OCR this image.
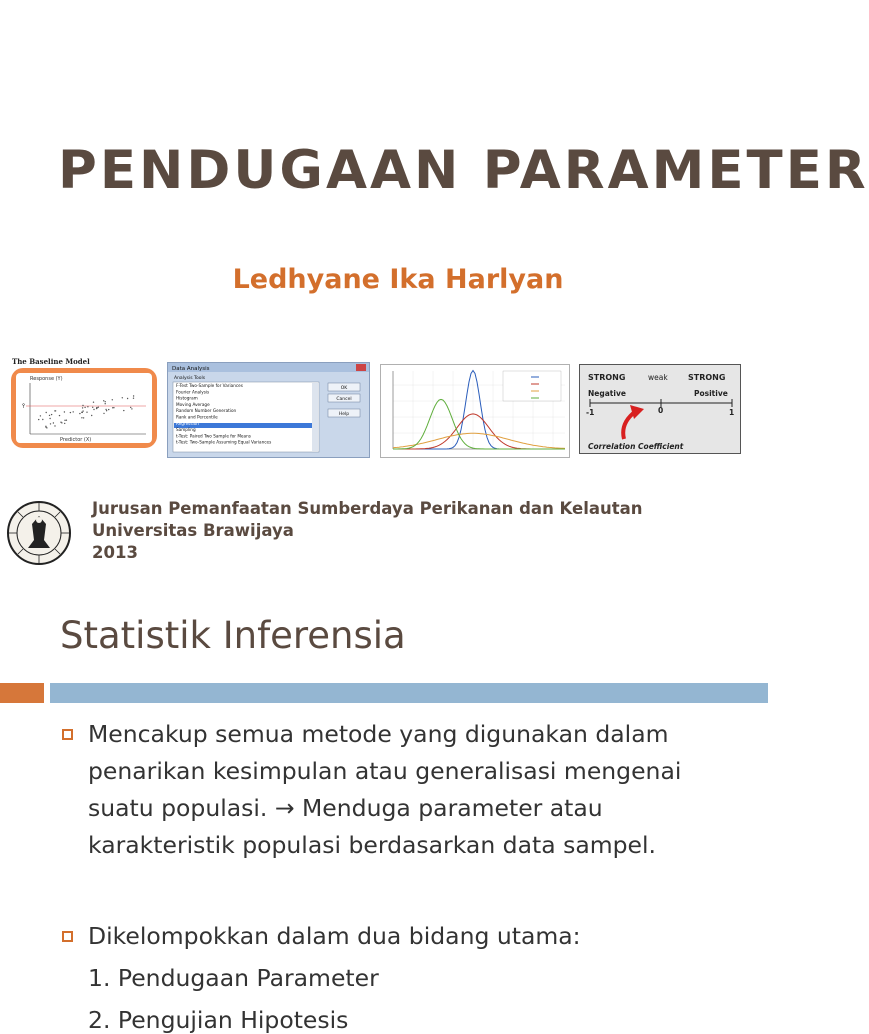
PENDUGAAN PARAMETER
Ledhyane Ika Harlyan
The Baseline Model
Response (Y)
Ȳ
Predictor (X)
Data Analysis
Analysis Tools
F-Test Two-Sample for Variances
Fourier Analysis
Histogram
Moving Average
Random Number Generation
Rank and Percentile
Regression
Sampling
t-Test: Paired Two Sample for Means
t-Test: Two-Sample Assuming Equal Variances
OK
Cancel
Help
STRONG	weak	STRONG
Negative	Positive
-1	0	1
Correlation Coefficient
Jurusan Pemanfaatan Sumberdaya Perikanan dan Kelautan
Universitas Brawijaya
2013
Statistik Inferensia
Mencakup semua metode yang digunakan dalam
penarikan kesimpulan atau generalisasi mengenai
suatu populasi. → Menduga parameter atau
karakteristik populasi berdasarkan data sampel.
Dikelompokkan dalam dua bidang utama:
1. Pendugaan Parameter
2. Pengujian Hipotesis
